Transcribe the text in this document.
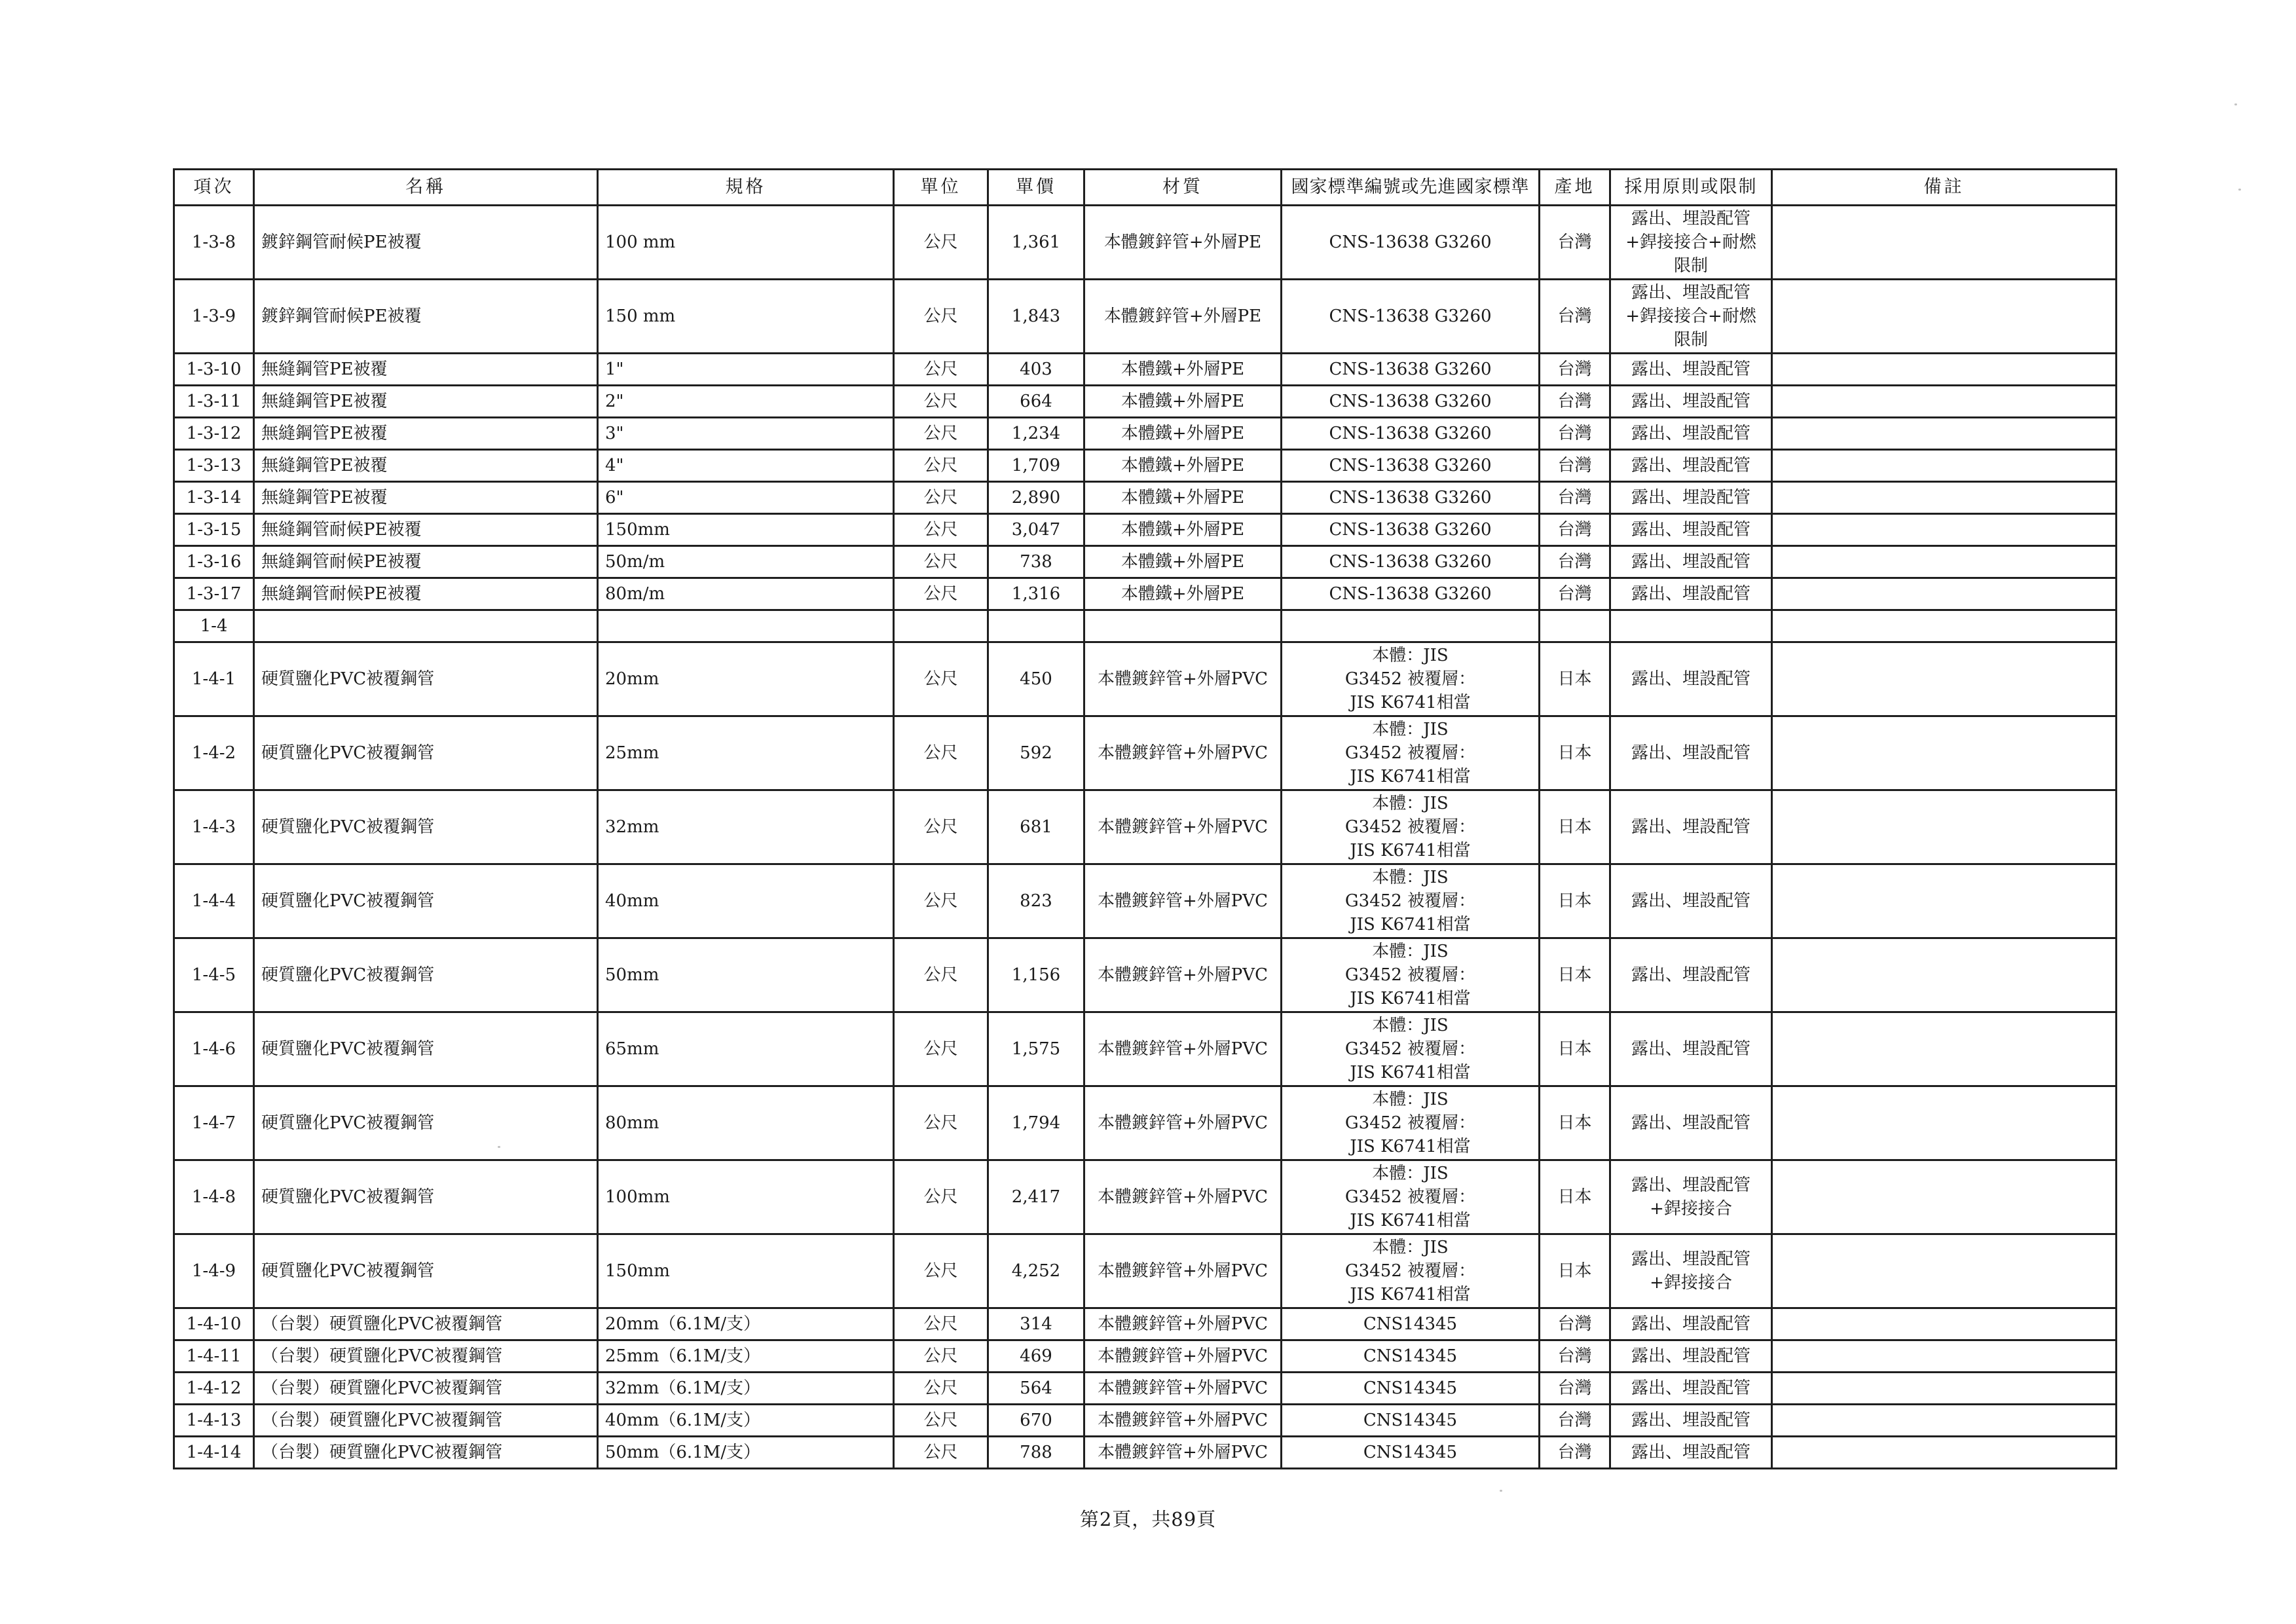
項次	名稱	規格	單位	單價	材質	國家標準編號或先進國家標準	產地	採用原則或限制	備註
1-3-8	鍍鋅鋼管耐候PE被覆	100 mm	公尺	1,361	本體鍍鋅管+外層PE	CNS-13638 G3260	台灣	露出、埋設配管+銲接接合+耐燃限制	
1-3-9	鍍鋅鋼管耐候PE被覆	150 mm	公尺	1,843	本體鍍鋅管+外層PE	CNS-13638 G3260	台灣	露出、埋設配管+銲接接合+耐燃限制	
1-3-10	無縫鋼管PE被覆	1"	公尺	403	本體鐵+外層PE	CNS-13638 G3260	台灣	露出、埋設配管	
1-3-11	無縫鋼管PE被覆	2"	公尺	664	本體鐵+外層PE	CNS-13638 G3260	台灣	露出、埋設配管	
1-3-12	無縫鋼管PE被覆	3"	公尺	1,234	本體鐵+外層PE	CNS-13638 G3260	台灣	露出、埋設配管	
1-3-13	無縫鋼管PE被覆	4"	公尺	1,709	本體鐵+外層PE	CNS-13638 G3260	台灣	露出、埋設配管	
1-3-14	無縫鋼管PE被覆	6"	公尺	2,890	本體鐵+外層PE	CNS-13638 G3260	台灣	露出、埋設配管	
1-3-15	無縫鋼管耐候PE被覆	150mm	公尺	3,047	本體鐵+外層PE	CNS-13638 G3260	台灣	露出、埋設配管	
1-3-16	無縫鋼管耐候PE被覆	50m/m	公尺	738	本體鐵+外層PE	CNS-13638 G3260	台灣	露出、埋設配管	
1-3-17	無縫鋼管耐候PE被覆	80m/m	公尺	1,316	本體鐵+外層PE	CNS-13638 G3260	台灣	露出、埋設配管	
1-4									
1-4-1	硬質鹽化PVC被覆鋼管	20mm	公尺	450	本體鍍鋅管+外層PVC	本體：JIS G3452 被覆層：JIS K6741相當	日本	露出、埋設配管	
1-4-2	硬質鹽化PVC被覆鋼管	25mm	公尺	592	本體鍍鋅管+外層PVC	本體：JIS G3452 被覆層：JIS K6741相當	日本	露出、埋設配管	
1-4-3	硬質鹽化PVC被覆鋼管	32mm	公尺	681	本體鍍鋅管+外層PVC	本體：JIS G3452 被覆層：JIS K6741相當	日本	露出、埋設配管	
1-4-4	硬質鹽化PVC被覆鋼管	40mm	公尺	823	本體鍍鋅管+外層PVC	本體：JIS G3452 被覆層：JIS K6741相當	日本	露出、埋設配管	
1-4-5	硬質鹽化PVC被覆鋼管	50mm	公尺	1,156	本體鍍鋅管+外層PVC	本體：JIS G3452 被覆層：JIS K6741相當	日本	露出、埋設配管	
1-4-6	硬質鹽化PVC被覆鋼管	65mm	公尺	1,575	本體鍍鋅管+外層PVC	本體：JIS G3452 被覆層：JIS K6741相當	日本	露出、埋設配管	
1-4-7	硬質鹽化PVC被覆鋼管	80mm	公尺	1,794	本體鍍鋅管+外層PVC	本體：JIS G3452 被覆層：JIS K6741相當	日本	露出、埋設配管	
1-4-8	硬質鹽化PVC被覆鋼管	100mm	公尺	2,417	本體鍍鋅管+外層PVC	本體：JIS G3452 被覆層：JIS K6741相當	日本	露出、埋設配管+銲接接合	
1-4-9	硬質鹽化PVC被覆鋼管	150mm	公尺	4,252	本體鍍鋅管+外層PVC	本體：JIS G3452 被覆層：JIS K6741相當	日本	露出、埋設配管+銲接接合	
1-4-10	（台製）硬質鹽化PVC被覆鋼管	20mm（6.1M/支）	公尺	314	本體鍍鋅管+外層PVC	CNS14345	台灣	露出、埋設配管	
1-4-11	（台製）硬質鹽化PVC被覆鋼管	25mm（6.1M/支）	公尺	469	本體鍍鋅管+外層PVC	CNS14345	台灣	露出、埋設配管	
1-4-12	（台製）硬質鹽化PVC被覆鋼管	32mm（6.1M/支）	公尺	564	本體鍍鋅管+外層PVC	CNS14345	台灣	露出、埋設配管	
1-4-13	（台製）硬質鹽化PVC被覆鋼管	40mm（6.1M/支）	公尺	670	本體鍍鋅管+外層PVC	CNS14345	台灣	露出、埋設配管	
1-4-14	（台製）硬質鹽化PVC被覆鋼管	50mm（6.1M/支）	公尺	788	本體鍍鋅管+外層PVC	CNS14345	台灣	露出、埋設配管	
第2頁，共89頁
